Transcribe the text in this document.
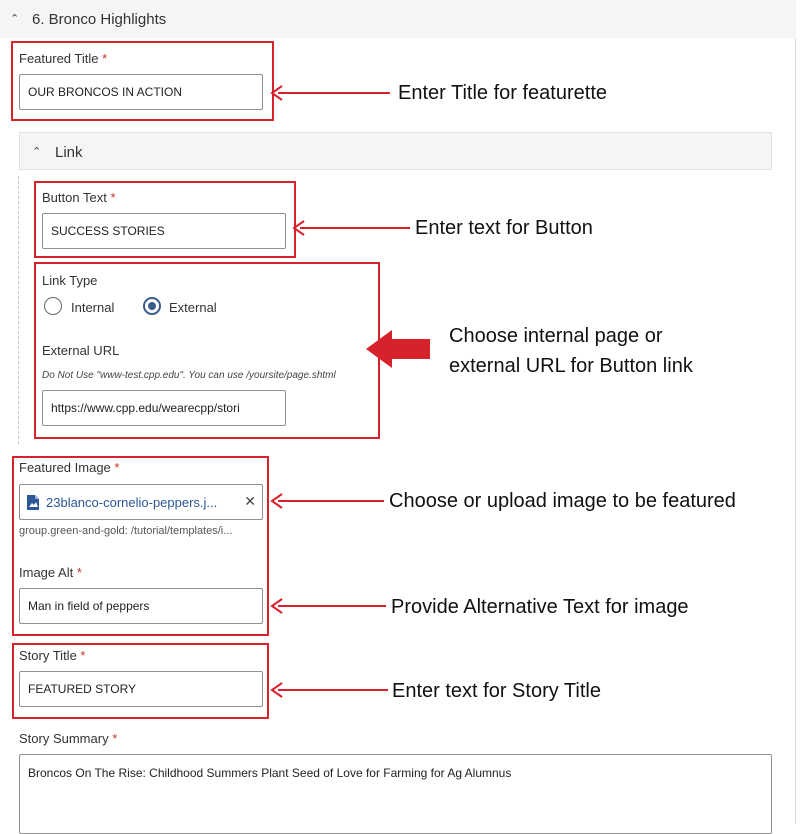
⌃ 6. Bronco Highlights
Featured Title *
OUR BRONCOS IN ACTION	Enter Title for featurette
⌃ Link
Button Text *
SUCCESS STORIES	Enter text for Button
Link Type
Internal	External
External URL
Do Not Use "www-test.cpp.edu". You can use /yoursite/page.shtml
https://www.cpp.edu/wearecpp/stori
Choose internal page or
external URL for Button link
Featured Image *
23blanco-cornelio-peppers.j...	✕
group.green-and-gold: /tutorial/templates/i...
Choose or upload image to be featured
Image Alt *
Man in field of peppers	Provide Alternative Text for image
Story Title *
FEATURED STORY	Enter text for Story Title
Story Summary *
Broncos On The Rise: Childhood Summers Plant Seed of Love for Farming for Ag Alumnus
